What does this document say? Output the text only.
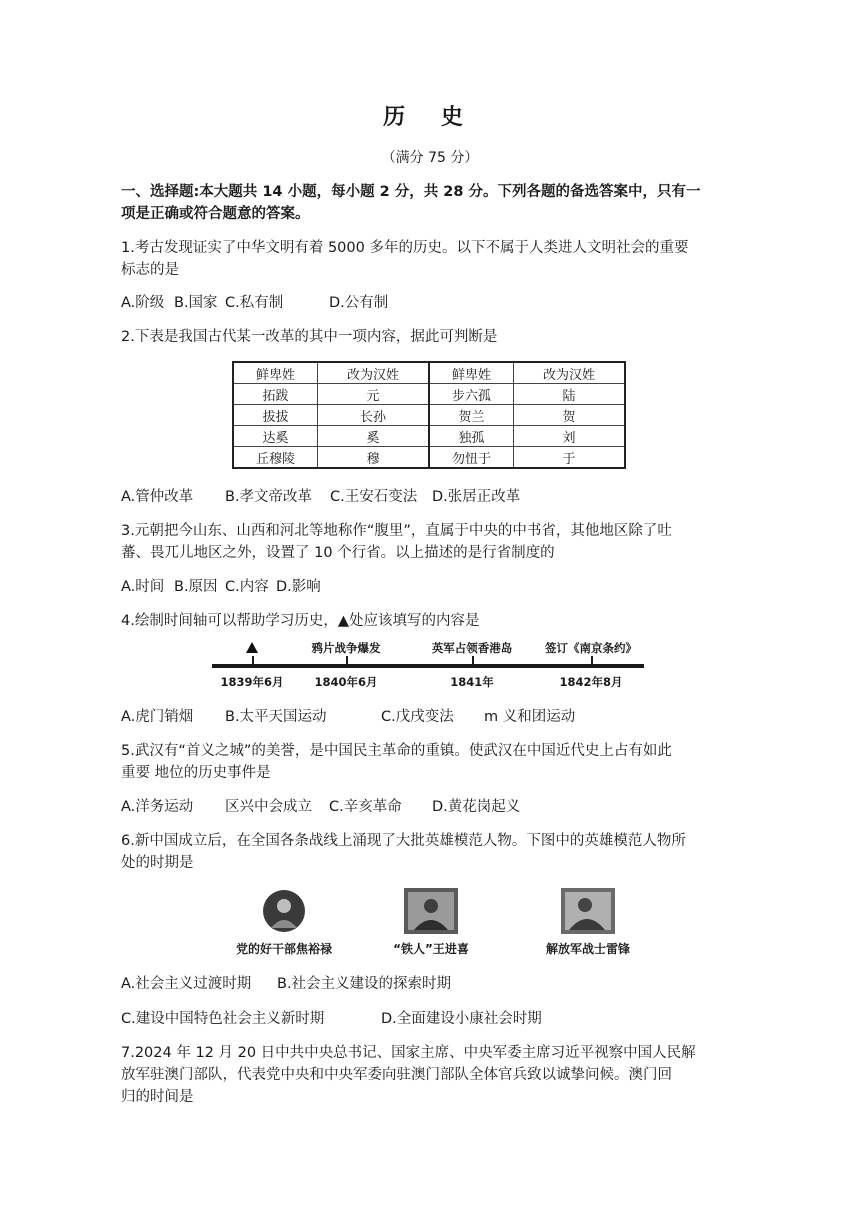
历 史
（满分 75 分）
一、选择题:本大题共 14 小题，每小题 2 分，共 28 分。下列各题的备选答案中，只有一
项是正确或符合题意的答案。
1.考古发现证实了中华文明有着 5000 多年的历史。以下不属于人类进人文明社会的重要
标志的是
A.阶级 B.国家 C.私有制	D.公有制
2.下表是我国古代某一改革的其中一项内容，据此可判断是
鲜卑姓	改为汉姓	鲜卑姓	改为汉姓
拓跋	元	步六孤	陆
拔拔	长孙	贺兰	贺
达奚	奚	独孤	刘
丘穆陵	穆	勿忸于	于
A.管仲改革 B.孝文帝改革 C.王安石变法 D.张居正改革
3.元朝把今山东、山西和河北等地称作“腹里”，直属于中央的中书省，其他地区除了吐
蕃、畏兀儿地区之外，设置了 10 个行省。以上描述的是行省制度的
A.时间 B.原因 C.内容 D.影响
4.绘制时间轴可以帮助学习历史，▲处应该填写的内容是
鸦片战争爆发	英军占领香港岛	签订《南京条约》
1839年6月	1840年6月	1841年	1842年8月
A.虎门销烟 B.太平天国运动	C.戊戌变法 m 义和团运动
5.武汉有“首义之城”的美誉，是中国民主革命的重镇。使武汉在中国近代史上占有如此
重要 地位的历史事件是
A.洋务运动 区兴中会成立 C.辛亥革命 D.黄花岗起义
6.新中国成立后，在全国各条战线上涌现了大批英雄模范人物。下图中的英雄模范人物所
处的时期是
党的好干部焦裕禄	“铁人”王进喜	解放军战士雷锋
A.社会主义过渡时期 B.社会主义建设的探索时期
C.建设中国特色社会主义新时期	D.全面建设小康社会时期
7.2024 年 12 月 20 日中共中央总书记、国家主席、中央军委主席习近平视察中国人民解
放军驻澳门部队，代表党中央和中央军委向驻澳门部队全体官兵致以诚挚问候。澳门回
归的时间是
